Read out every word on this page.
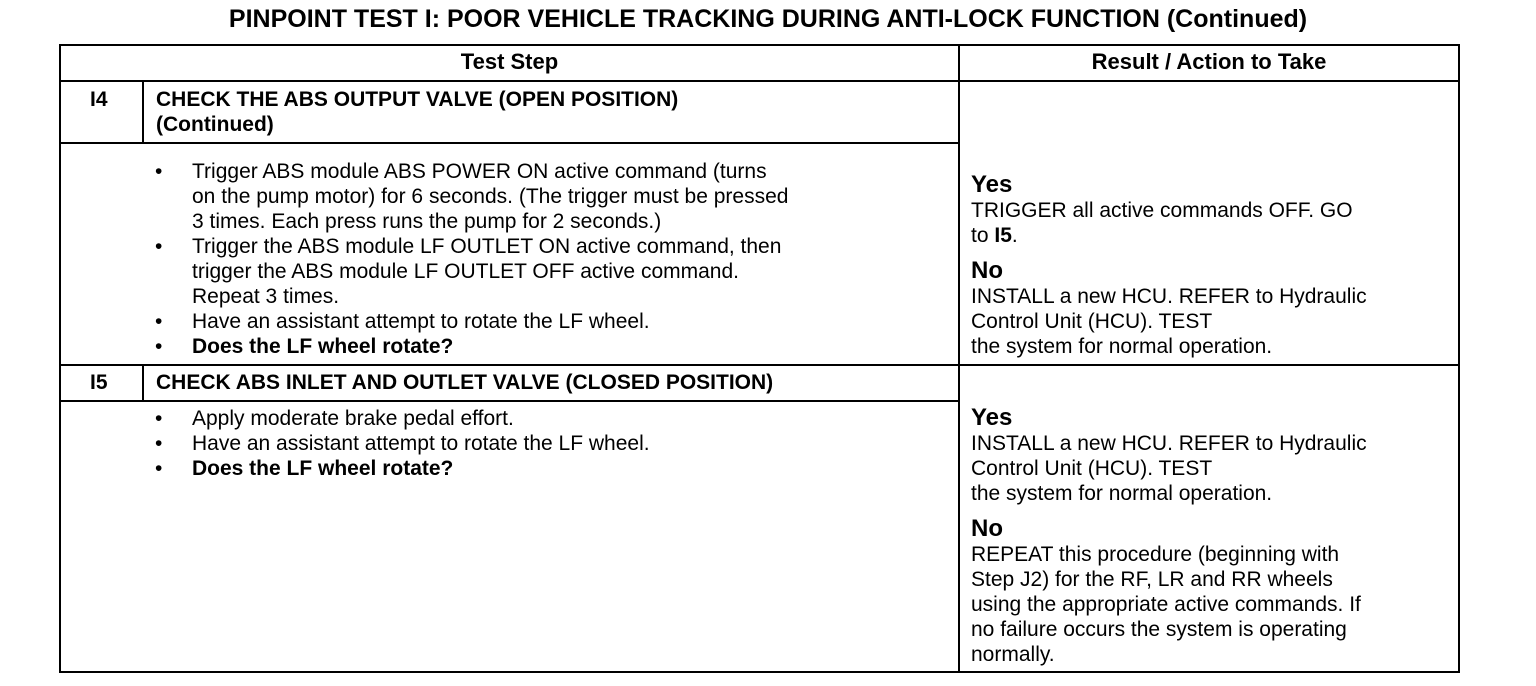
PINPOINT TEST I: POOR VEHICLE TRACKING DURING ANTI-LOCK FUNCTION (Continued)
Test Step	Result / Action to Take
I4 CHECK THE ABS OUTPUT VALVE (OPEN POSITION)
(Continued)
• Trigger ABS module ABS POWER ON active command (turns
on the pump motor) for 6 seconds. (The trigger must be pressed
3 times. Each press runs the pump for 2 seconds.)
• Trigger the ABS module LF OUTLET ON active command, then
trigger the ABS module LF OUTLET OFF active command.
Repeat 3 times.
• Have an assistant attempt to rotate the LF wheel.
• Does the LF wheel rotate?
Yes
TRIGGER all active commands OFF. GO
to I5.
No
INSTALL a new HCU. REFER to Hydraulic
Control Unit (HCU). TEST
the system for normal operation.
I5 CHECK ABS INLET AND OUTLET VALVE (CLOSED POSITION)
• Apply moderate brake pedal effort.
• Have an assistant attempt to rotate the LF wheel.
• Does the LF wheel rotate?
Yes
INSTALL a new HCU. REFER to Hydraulic
Control Unit (HCU). TEST
the system for normal operation.
No
REPEAT this procedure (beginning with
Step J2) for the RF, LR and RR wheels
using the appropriate active commands. If
no failure occurs the system is operating
normally.
